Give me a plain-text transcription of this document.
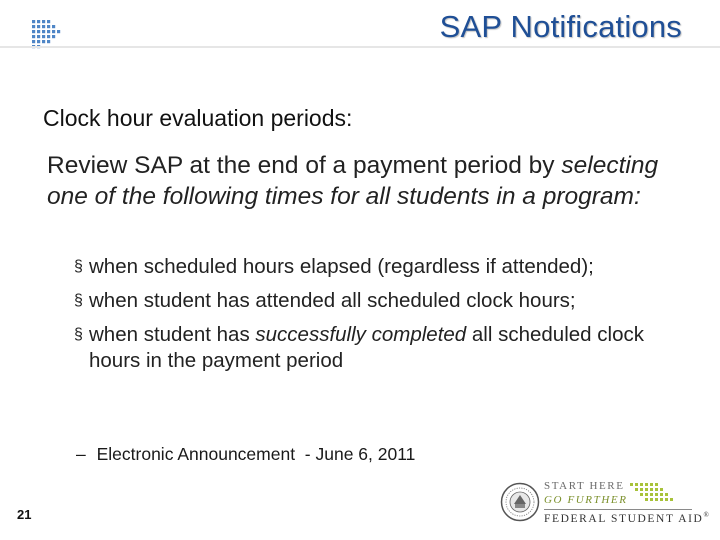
SAP Notifications
Clock hour evaluation periods:
Review SAP at the end of a payment period by selecting one of the following times for all students in a program:
§ when scheduled hours elapsed (regardless if attended);
§ when student has attended all scheduled clock hours;
§ when student has successfully completed all scheduled clock hours in the payment period
– Electronic Announcement  - June 6, 2011
21
START HERE
GO FURTHER
FEDERAL STUDENT AID®
